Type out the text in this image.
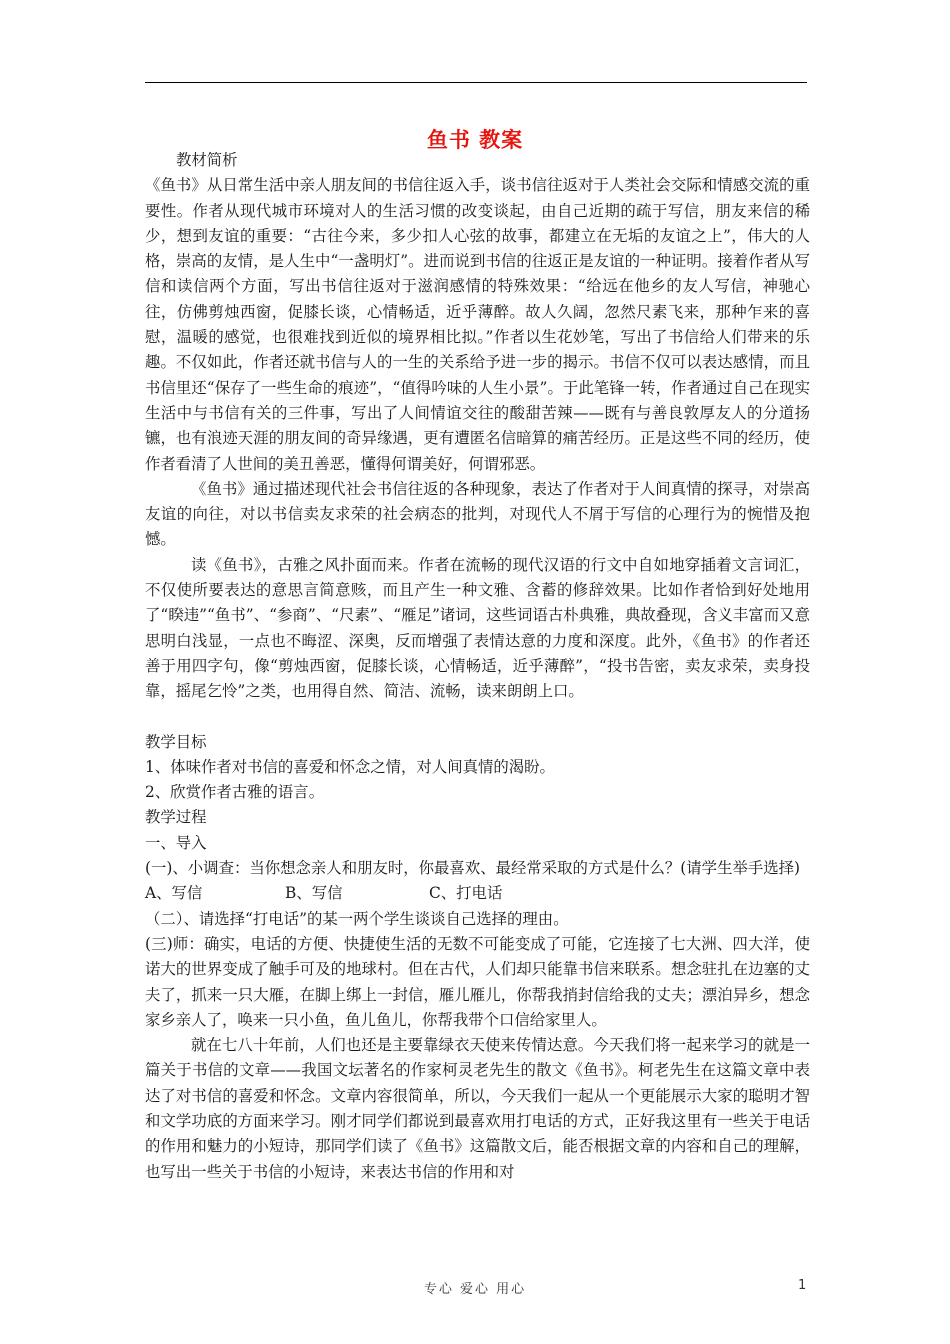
鱼书 教案

教材简析

《鱼书》从日常生活中亲人朋友间的书信往返入手，谈书信往返对于人类社会交际和情感交流的重要性。作者从现代城市环境对人的生活习惯的改变谈起，由自己近期的疏于写信，朋友来信的稀少，想到友谊的重要：“古往今来，多少扣人心弦的故事，都建立在无垢的友谊之上”，伟大的人格，崇高的友情，是人生中“一盏明灯”。进而说到书信的往返正是友谊的一种证明。接着作者从写信和读信两个方面，写出书信往返对于滋润感情的特殊效果：“给远在他乡的友人写信，神驰心往，仿佛剪烛西窗，促膝长谈，心情畅适，近乎薄醉。故人久阔，忽然尺素飞来，那种乍来的喜慰，温暖的感觉，也很难找到近似的境界相比拟。”作者以生花妙笔，写出了书信给人们带来的乐趣。不仅如此，作者还就书信与人的一生的关系给予进一步的揭示。书信不仅可以表达感情，而且书信里还“保存了一些生命的痕迹”，“值得吟味的人生小景”。于此笔锋一转，作者通过自己在现实生活中与书信有关的三件事，写出了人间情谊交往的酸甜苦辣——既有与善良敦厚友人的分道扬镳，也有浪迹天涯的朋友间的奇异缘遇，更有遭匿名信暗算的痛苦经历。正是这些不同的经历，使作者看清了人世间的美丑善恶，懂得何谓美好，何谓邪恶。

《鱼书》通过描述现代社会书信往返的各种现象，表达了作者对于人间真情的探寻，对崇高友谊的向往，对以书信卖友求荣的社会病态的批判，对现代人不屑于写信的心理行为的惋惜及抱憾。

读《鱼书》，古雅之风扑面而来。作者在流畅的现代汉语的行文中自如地穿插着文言词汇，不仅使所要表达的意思言简意赅，而且产生一种文雅、含蓄的修辞效果。比如作者恰到好处地用了“睽违”“鱼书”、“参商”、“尺素”、“雁足”诸词，这些词语古朴典雅，典故叠现，含义丰富而又意思明白浅显，一点也不晦涩、深奥，反而增强了表情达意的力度和深度。此外，《鱼书》的作者还善于用四字句，像“剪烛西窗，促膝长谈，心情畅适，近乎薄醉”，“投书告密，卖友求荣，卖身投靠，摇尾乞怜”之类，也用得自然、简洁、流畅，读来朗朗上口。

教学目标

1、体味作者对书信的喜爱和怀念之情，对人间真情的渴盼。

2、欣赏作者古雅的语言。

教学过程

一、导入

(一)、小调查：当你想念亲人和朋友时，你最喜欢、最经常采取的方式是什么？(请学生举手选择)

A、写信	B、写信	C、打电话

（二）、请选择“打电话”的某一两个学生谈谈自己选择的理由。

(三)师：确实，电话的方便、快捷使生活的无数不可能变成了可能，它连接了七大洲、四大洋，使诺大的世界变成了触手可及的地球村。但在古代，人们却只能靠书信来联系。想念驻扎在边塞的丈夫了，抓来一只大雁，在脚上绑上一封信，雁儿雁儿，你帮我捎封信给我的丈夫；漂泊异乡，想念家乡亲人了，唤来一只小鱼，鱼儿鱼儿，你帮我带个口信给家里人。

就在七八十年前，人们也还是主要靠绿衣天使来传情达意。今天我们将一起来学习的就是一篇关于书信的文章——我国文坛著名的作家柯灵老先生的散文《鱼书》。柯老先生在这篇文章中表达了对书信的喜爱和怀念。文章内容很简单，所以，今天我们一起从一个更能展示大家的聪明才智和文学功底的方面来学习。刚才同学们都说到最喜欢用打电话的方式，正好我这里有一些关于电话的作用和魅力的小短诗，那同学们读了《鱼书》这篇散文后，能否根据文章的内容和自己的理解，也写出一些关于书信的小短诗，来表达书信的作用和对

专心 爱心 用心	1
